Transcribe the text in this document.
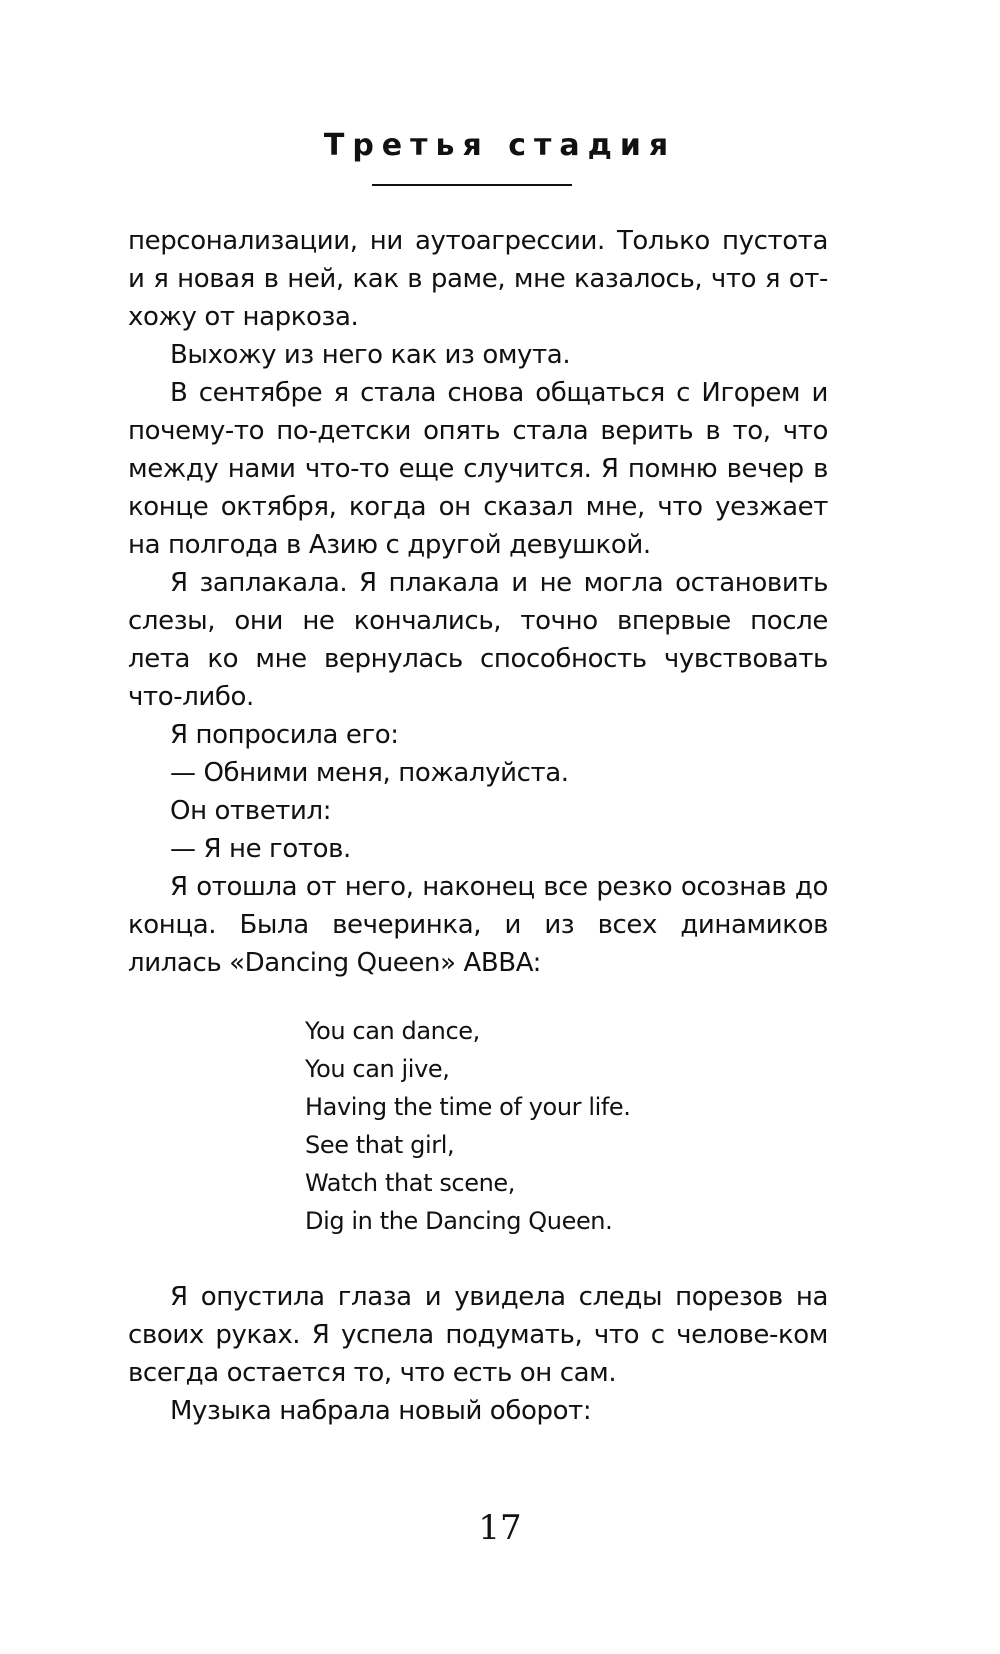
Третья стадия

персонализации, ни аутоагрессии. Только пустота и я новая в ней, как в раме, мне казалось, что я от-хожу от наркоза.

Выхожу из него как из омута.

В сентябре я стала снова общаться с Игорем и почему-то по-детски опять стала верить в то, что между нами что-то еще случится. Я помню вечер в конце октября, когда он сказал мне, что уезжает на полгода в Азию с другой девушкой.

Я заплакала. Я плакала и не могла остановить слезы, они не кончались, точно впервые после лета ко мне вернулась способность чувствовать что-либо.

Я попросила его:

— Обними меня, пожалуйста.

Он ответил:

— Я не готов.

Я отошла от него, наконец все резко осознав до конца. Была вечеринка, и из всех динамиков лилась «Dancing Queen» ABBA:

You can dance,
You can jive,
Having the time of your life.
See that girl,
Watch that scene,
Dig in the Dancing Queen.

Я опустила глаза и увидела следы порезов на своих руках. Я успела подумать, что с челове-ком всегда остается то, что есть он сам.

Музыка набрала новый оборот:

17
